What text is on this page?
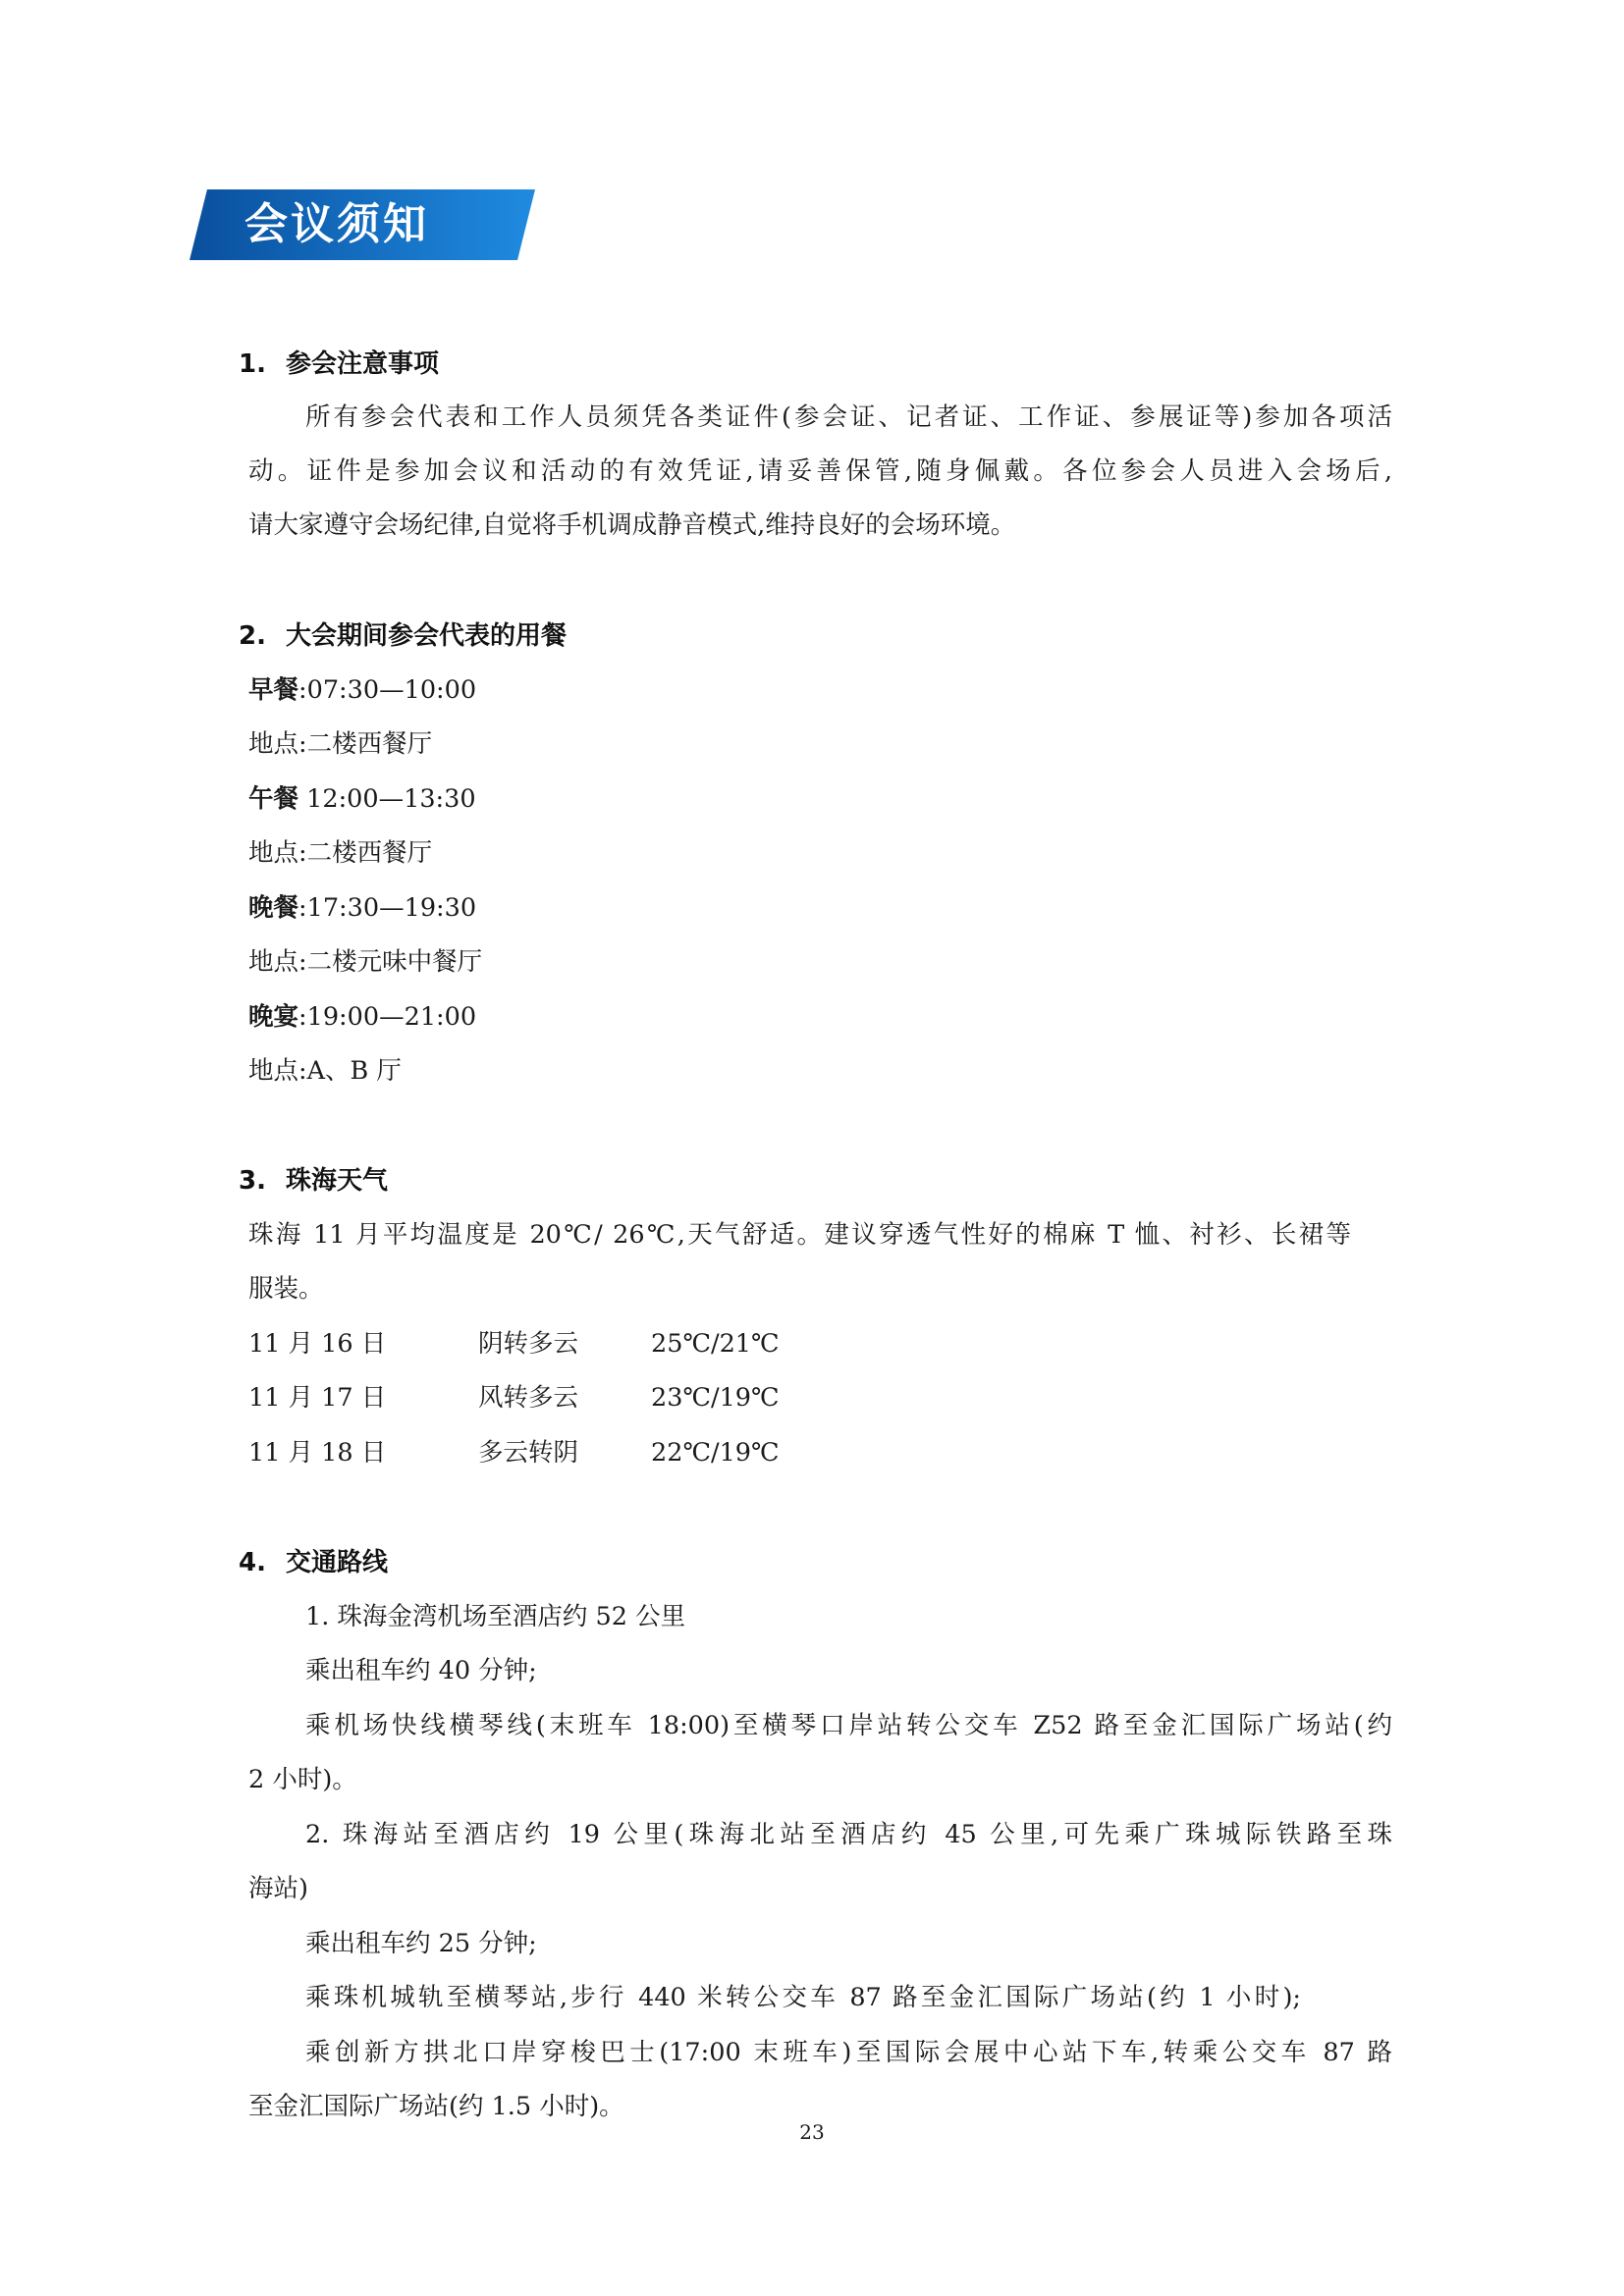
会议须知
1. 参会注意事项
所有参会代表和工作人员须凭各类证件(参会证、记者证、工作证、参展证等)参加各项活
动。证件是参加会议和活动的有效凭证,请妥善保管,随身佩戴。各位参会人员进入会场后,
请大家遵守会场纪律,自觉将手机调成静音模式,维持良好的会场环境。
2. 大会期间参会代表的用餐
早餐:07:30—10:00
地点:二楼西餐厅
午餐 12:00—13:30
地点:二楼西餐厅
晚餐:17:30—19:30
地点:二楼元味中餐厅
晚宴:19:00—21:00
地点:A、B 厅
3. 珠海天气
珠海 11 月平均温度是 20℃/ 26℃,天气舒适。建议穿透气性好的棉麻 T 恤、衬衫、长裙等
服装。
11 月 16 日	阴转多云	25℃/21℃
11 月 17 日	风转多云	23℃/19℃
11 月 18 日	多云转阴	22℃/19℃
4. 交通路线
1. 珠海金湾机场至酒店约 52 公里
乘出租车约 40 分钟;
乘机场快线横琴线(末班车 18:00)至横琴口岸站转公交车 Z52 路至金汇国际广场站(约
2 小时)。
2. 珠海站至酒店约 19 公里(珠海北站至酒店约 45 公里,可先乘广珠城际铁路至珠
海站)
乘出租车约 25 分钟;
乘珠机城轨至横琴站,步行 440 米转公交车 87 路至金汇国际广场站(约 1 小时);
乘创新方拱北口岸穿梭巴士(17:00 末班车)至国际会展中心站下车,转乘公交车 87 路
至金汇国际广场站(约 1.5 小时)。
23
